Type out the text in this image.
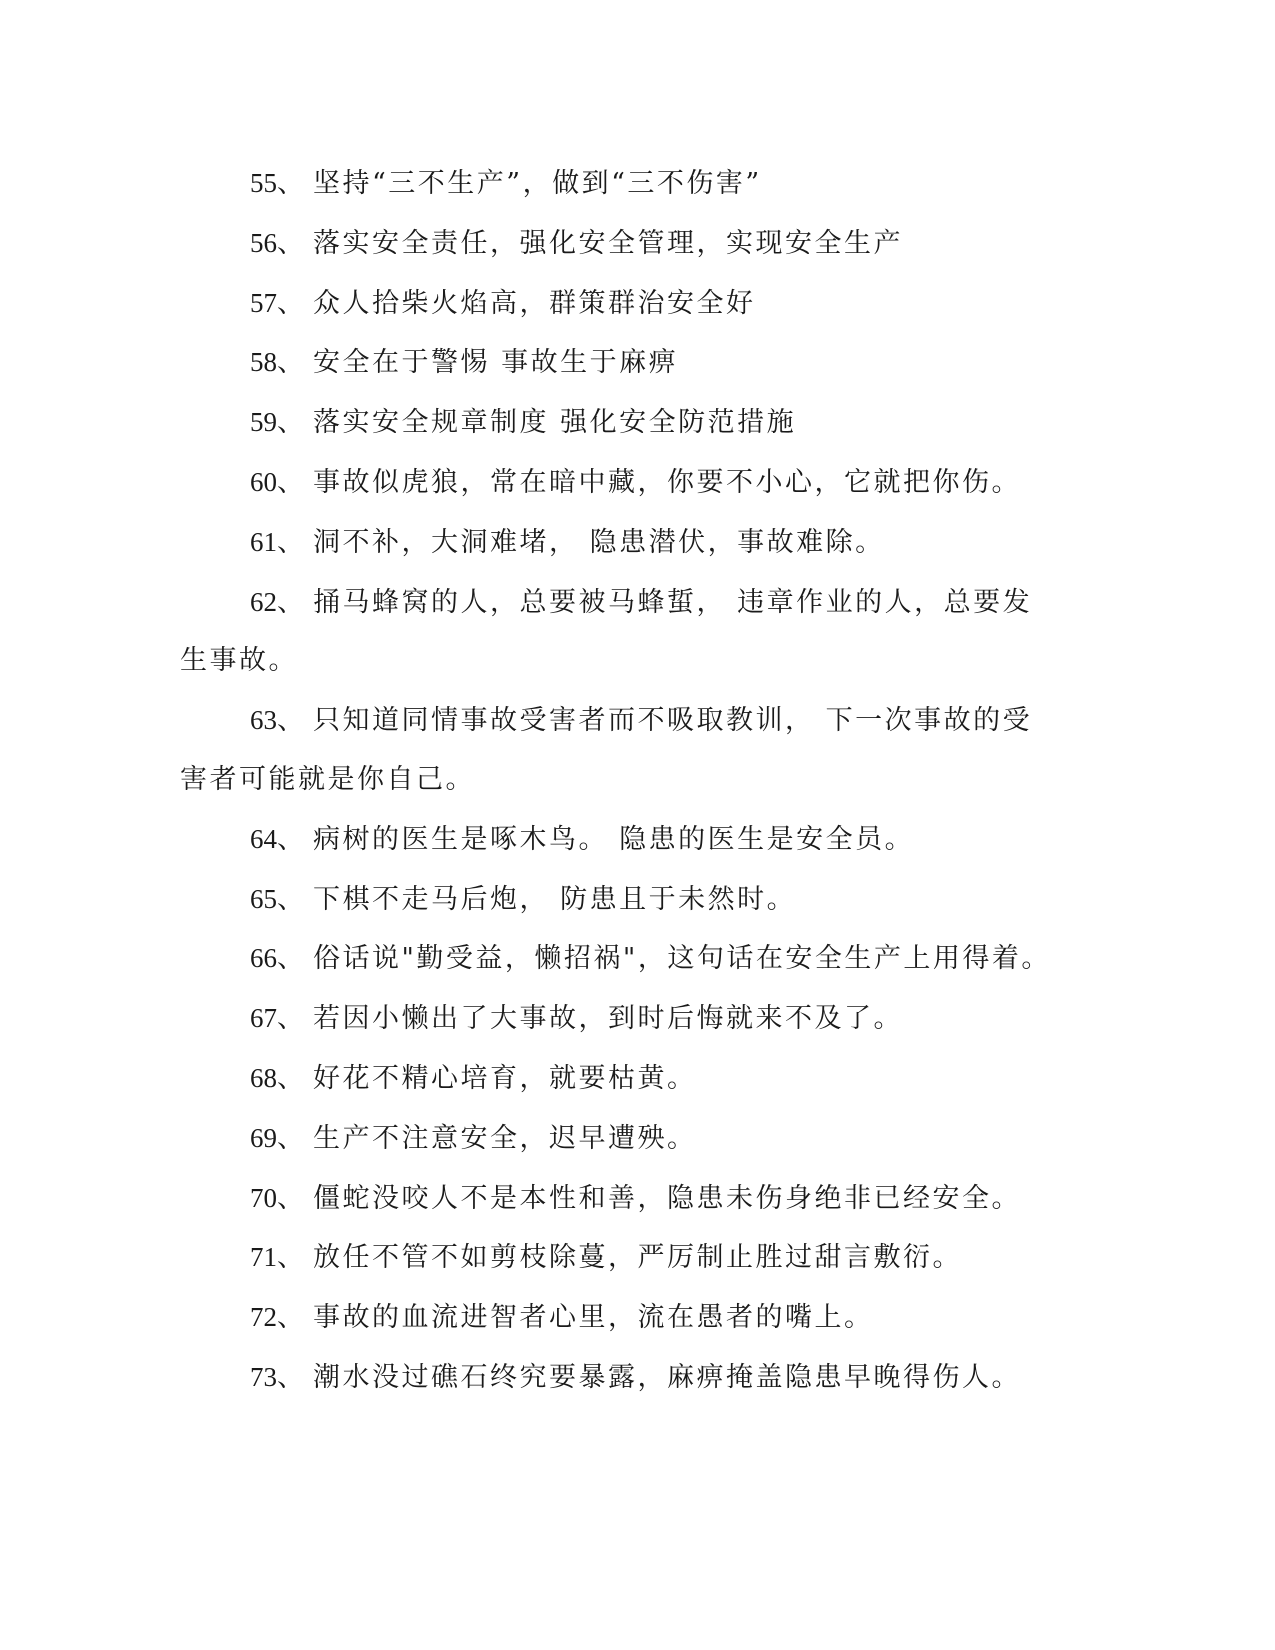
55、 坚持“三不生产”，做到“三不伤害”

56、 落实安全责任，强化安全管理，实现安全生产

57、 众人拾柴火焰高，群策群治安全好

58、 安全在于警惕 事故生于麻痹

59、 落实安全规章制度 强化安全防范措施

60、 事故似虎狼，常在暗中藏，你要不小心，它就把你伤。

61、 洞不补，大洞难堵， 隐患潜伏，事故难除。

62、 捅马蜂窝的人，总要被马蜂蜇， 违章作业的人，总要发生事故。

63、 只知道同情事故受害者而不吸取教训， 下一次事故的受害者可能就是你自己。

64、 病树的医生是啄木鸟。 隐患的医生是安全员。

65、 下棋不走马后炮， 防患且于未然时。

66、 俗话说"勤受益，懒招祸"，这句话在安全生产上用得着。

67、 若因小懒出了大事故，到时后悔就来不及了。

68、 好花不精心培育，就要枯黄。

69、 生产不注意安全，迟早遭殃。

70、 僵蛇没咬人不是本性和善，隐患未伤身绝非已经安全。

71、 放任不管不如剪枝除蔓，严厉制止胜过甜言敷衍。

72、 事故的血流进智者心里，流在愚者的嘴上。

73、 潮水没过礁石终究要暴露，麻痹掩盖隐患早晚得伤人。
